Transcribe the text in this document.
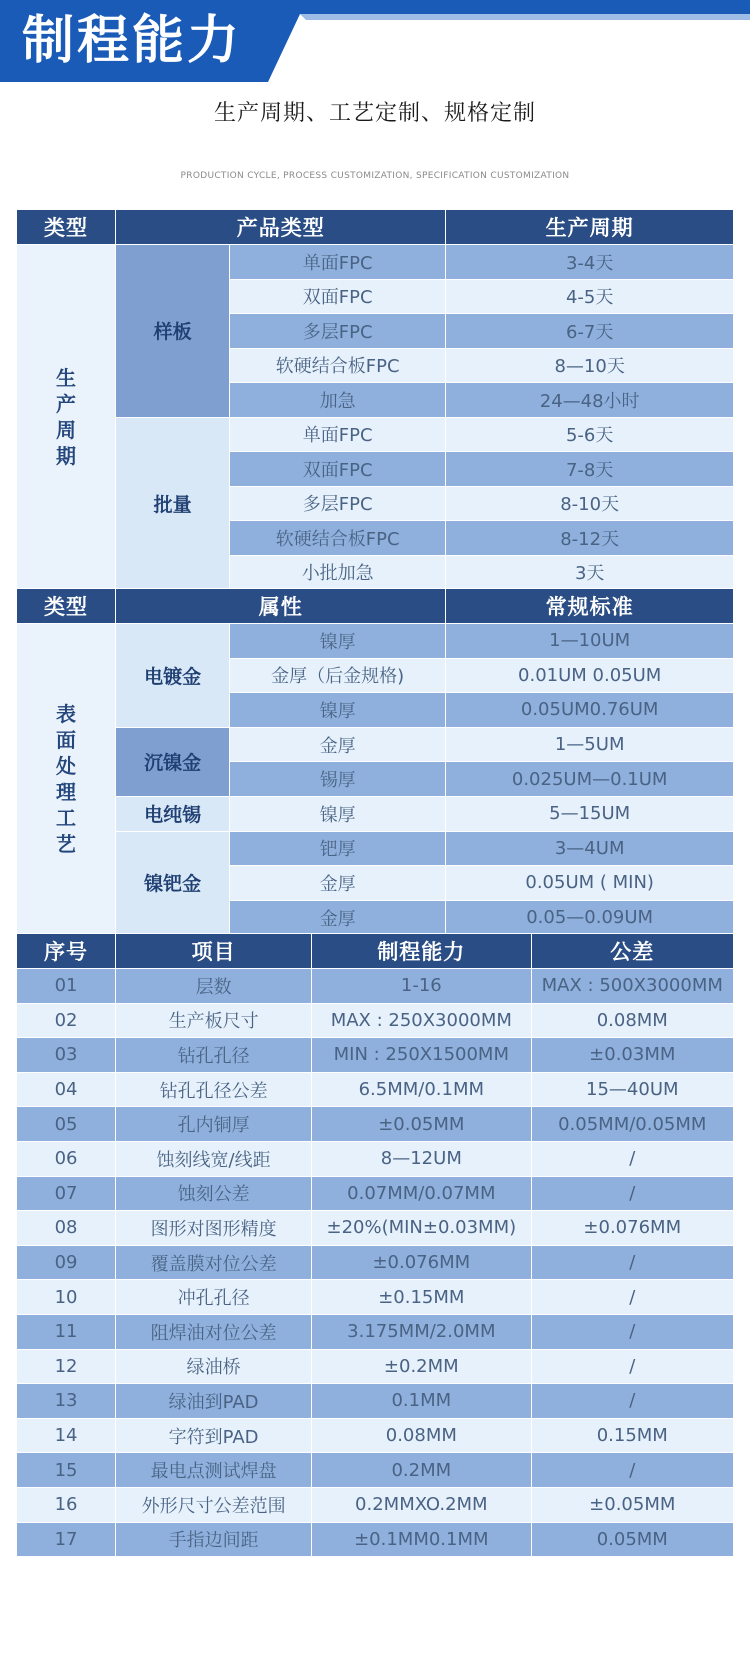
制程能力
生产周期、工艺定制、规格定制
PRODUCTION CYCLE, PROCESS CUSTOMIZATION, SPECIFICATION CUSTOMIZATION
类型	产品类型		生产周期

生产周期	样板	单面FPC	3-4天
		双面FPC	4-5天
		多层FPC	6-7天
		软硬结合板FPC	8—10天
		加急	24—48小时
	批量	单面FPC	5-6天
		双面FPC	7-8天
		多层FPC	8-10天
		软硬结合板FPC	8-12天
		小批加急	3天
类型	属性		常规标准

表面处理工艺	电镀金	镍厚	1—10UM
		金厚（后金规格)	0.01UM 0.05UM
		镍厚	0.05UM0.76UM
	沉镍金	金厚	1—5UM
		锡厚	0.025UM—0.1UM
	电纯锡	镍厚	5—15UM
	镍钯金	钯厚	3—4UM
		金厚	0.05UM ( MIN)
		金厚	0.05—0.09UM
序号	项目	制程能力	公差
01	层数	1-16	MAX : 500X3000MM
02	生产板尺寸	MAX : 250X3000MM	0.08MM
03	钻孔孔径	MIN : 250X1500MM	±0.03MM
04	钻孔孔径公差	6.5MM/0.1MM	15—40UM
05	孔内铜厚	±0.05MM	0.05MM/0.05MM
06	蚀刻线宽/线距	8—12UM	/
07	蚀刻公差	0.07MM/0.07MM	/
08	图形对图形精度	±20%(MIN±0.03MM)	±0.076MM
09	覆盖膜对位公差	±0.076MM	/
10	冲孔孔径	±0.15MM	/
11	阻焊油对位公差	3.175MM/2.0MM	/
12	绿油桥	±0.2MM	/
13	绿油到PAD	0.1MM	/
14	字符到PAD	0.08MM	0.15MM
15	最电点测试焊盘	0.2MM	/
16	外形尺寸公差范围	0.2MMXO.2MM	±0.05MM
17	手指边间距	±0.1MM0.1MM	0.05MM
